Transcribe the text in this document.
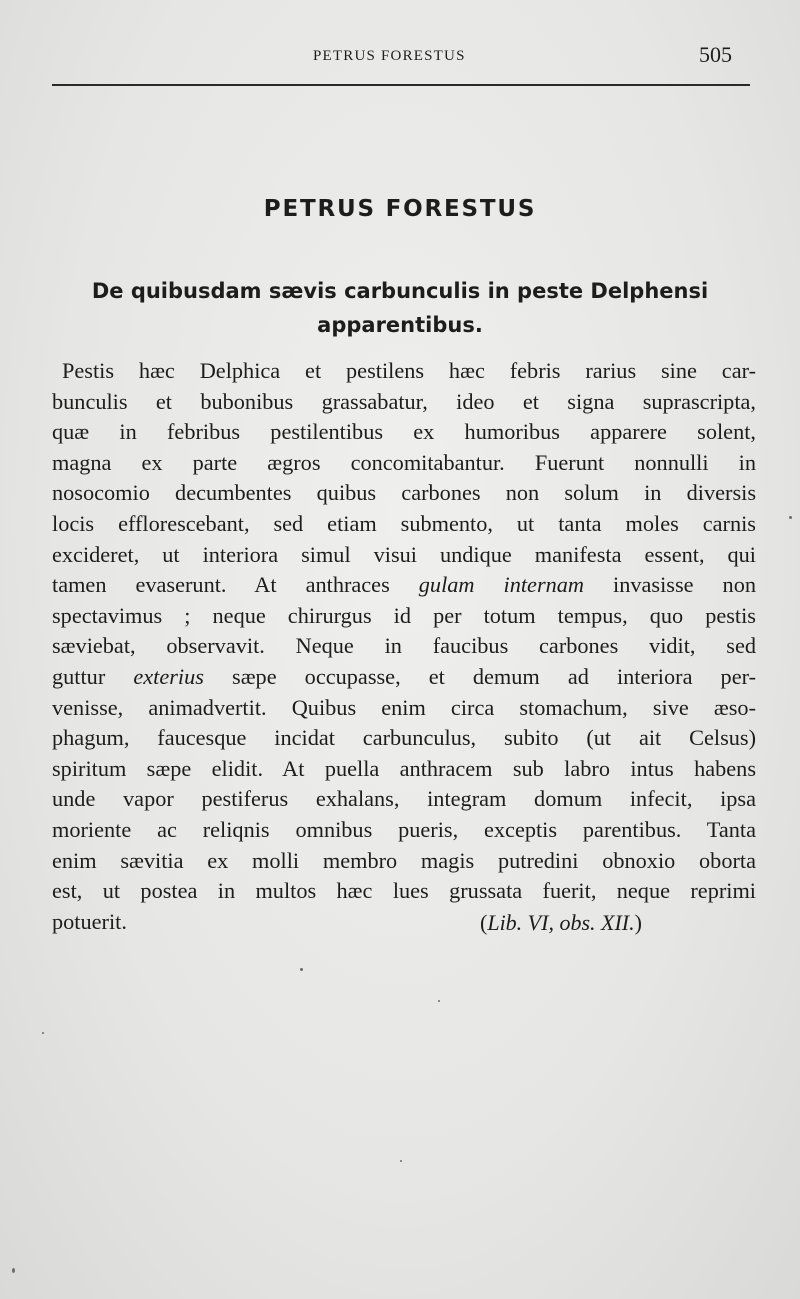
PETRUS FORESTUS	505
PETRUS FORESTUS
De quibusdam sævis carbunculis in peste Delphensi
apparentibus.
Pestis hæc Delphica et pestilens hæc febris rarius sine car-
bunculis et bubonibus grassabatur, ideo et signa suprascripta,
quæ in febribus pestilentibus ex humoribus apparere solent,
magna ex parte ægros concomitabantur. Fuerunt nonnulli in
nosocomio decumbentes quibus carbones non solum in diversis
locis efflorescebant, sed etiam submento, ut tanta moles carnis
excideret, ut interiora simul visui undique manifesta essent, qui
tamen evaserunt. At anthraces gulam internam invasisse non
spectavimus ; neque chirurgus id per totum tempus, quo pestis
sæviebat, observavit. Neque in faucibus carbones vidit, sed
guttur exterius sæpe occupasse, et demum ad interiora per-
venisse, animadvertit. Quibus enim circa stomachum, sive æso-
phagum, faucesque incidat carbunculus, subito (ut ait Celsus)
spiritum sæpe elidit. At puella anthracem sub labro intus habens
unde vapor pestiferus exhalans, integram domum infecit, ipsa
moriente ac reliqnis omnibus pueris, exceptis parentibus. Tanta
enim sævitia ex molli membro magis putredini obnoxio oborta
est, ut postea in multos hæc lues grussata fuerit, neque reprimi
potuerit.	(Lib. VI, obs. XII.)
